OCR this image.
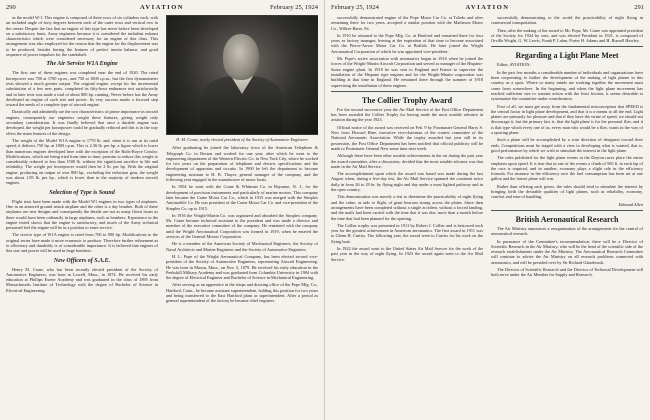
290	AVIATION	February 25, 1924

as the model W-1. This engine is composed of three rows of six cylinders each, with an included angle of forty degrees between each of the outer rows and vertical row in the center. Despite the fact that an engine of this type has never before been developed on a satisfactory basis, Army engineers because it is considered the turbulent exhaust characteristics which were considered necessary for an engine of this class. This arrangement was also employed for the reason that the engine for the displacement was to be produced, besides having the features of perfect inertia balance, and good sequence of power impulses for the crankshaft.

The Air Service W1A Engine

The first one of these engines was completed near the end of 1920. The rated horsepower was 700 at 1700 r.p.m., and 750 at 1800 r.p.m., but the first dynamometer tests showed a much greater output. The original engine, except for the incremental substitution of a few new parts, completed its fifty-hour endurance test satisfactorily and in later tests was made a trial of about 800 hp. running. Never before has the Army developed an engine of such size and power. Its very success marks a forward step toward the needs of a complete type of aircraft engine.

Drastically and admittedly are the two characteristics of prime importance in aircraft engines, consequently our engineers sought these features, giving weight only secondary consideration. It was finally believed that once a durable engine was developed, the weight per horsepower could be gradually reduced and this is in the way effect the main features of the design.

The weight of the Model W1A engine is 1770 lb. and, when it is run at its rated speed, it delivers 750 hp. at 1800 r.p.m. This is 2.36 lb. per hp. a figure which is lower than numerous engines developed here with the exception of the Rolls-Royce Condor. Modifications, which are being tried from time to time, promise to reduce this weight to considerably reduced to less than 1500 lb. without the significant sacrifice in life and reliability. The weight per horsepower would then be 2 lb. per hp. With the original engine, producing an output of over 800 hp., excluding the reduction gear, the weight was about 1.85 lb. per hp., which is lower than in the majority of modern aircraft engines.

Selection of Type is Sound

Flight tests have been made with the Model W1 engines in two types of airplanes. One in an armored ground attack airplane and the other is a day bomber. Both of these airplanes are new designs and consequently the details are not as many flown hours as there would have been ordinarily in large airplanes, such as bombers. Experience in the engine tested shows that the engine is satisfactory, and much of the Army technical personnel feel the engine will be in a position to enter service.

The service type of W1A engine is rated from 700 to 900 hp. Modifications to the original series have made it more economic to produce. Therefore further refinement as to efficiency and durability is of considerable importance. It is believed that engines of this size and power will be used in large bombers.

New Officers of S.A.E.

Henry M. Crane, who has been recently elected president of the Society of Automotive Engineers, was born in Lowell, Mass., in 1874. He received his early education at Phillips Exeter Academy and was graduated in the class of 1895 from Massachusetts Institute of Technology with the degree of Bachelor of Science in Electrical Engineering.

H. M. Crane, newly elected president of the Society of Automotive Engineers

After graduating he joined the laboratory force of the American Telephone & Telegraph Co. in Boston and worked for one year, after which he went to the engineering department of the Western Electric Co. in New York City, where he worked for two years on the preparation of telephone and electric specifications and the development of apparatus and circuits. In 1900 he left the department to become engineering assistant to H. B. Thayer, general manager of the company, and the following year engaged in the manufacture of motor boats.

In 1904 he went with the Crane & Whitman Co. in Bayonne, N. J., for the development of precision instruments and particularly of marine motors. This company later became the Crane Motor Car Co., which in 1915 was merged with the Simplex Automobile Co. He was president of the Crane Motor Car Co. and vice-president of the Simplex Co. up to 1915.

In 1916 the Wright-Martin Co. was organized and absorbed the Simplex company. Mr. Crane became technical assistant to the president and was made a director and member of the executive committee of the company. He remained with the company until the Wright Aeronautical Corporation was formed in 1919, when he entered the services of the General Motors Corporation.

He is a member of the American Society of Mechanical Engineers, the Society of Naval Architects and Marine Engineers and the Society of Automotive Engineers.

H. L. Pope of the Wright Aeronautical Company, has been elected second vice-president of the Society of Automotive Engineers, representing Aircraft Engineering. He was born in Mason, Mass., on Nov. 5, 1879. He received his early education in the Peekskill Military Academy and was graduated from Columbia University in 1904 with the degree of Electrical Engineer and Bachelor of Science in Mechanical Engineering.

After serving as an apprentice in the shops and drawing office of the Pope Mfg. Co., Hartford, Conn., he became assistant superintendent, holding this position for two years and being transferred to the East Hartford plant as superintendent. After a period as general superintendent of the factory he became chief engineer.

February 25, 1924	AVIATION	291

successfully demonstrated engine of the Pope Motor Car Co. at Toledo and after remaining there for two years, accepted a similar position with the Matheson Motor Co., Wilkes-Barre, Pa.

In 1910 he returned to the Pope Mfg. Co. at Hartford and remained there for four years as factory manager, leaving at the expiration of that time to become associated with the Pierce-Arrow Motor Car Co. at Buffalo. He later joined the Wright Aeronautical Corporation of which he was appointed vice-president.

Mr. Pope's active association with aeronautics began in 1916 when he joined the forces of the Wright-Martin Aircraft Corporation and served as manager of the Hispano-Suiza engine plant. In 1918 he was sent to England and France to supervise the installation of the Hispano type engines and for the Wright-Martin corporation was building at that time in England. He remained there through the summer of 1918 supervising the installation of these engines.

The Collier Trophy Award

For the second successive year the Air Mail Service of the Post Office Department has been awarded the Collier Trophy for having made the most notable advance in aviation during the year 1923.

Official notice of the award was received on Feb. 9 by Postmaster General Harry S. New from Howard Hine, executive vice-chairman of the contest committee of the National Aeronautic Association. While the trophy awarded last year still in its possession, the Post Office Department has been notified that official publicity will be made to Postmaster General New some time next week.

Although there have been other notable achievements in the air during the past year the award committee, after a discussion, decided that the most notable advance was that made in the Air Mail Service.

The accomplishment upon which the award was based was made during the last August when, during a five-day test, the Air Mail Service spanned the continent twice daily in from 26 to 29 hr. by flying night and day under a most lighted pathway and in the open country.

This demonstration was merely a test to determine the practicability of night flying and the value, as aids to flight, of giant beacons strung across the plains. Since then arrangements have been completed without a single accident, without a forced landing, and the mails had been carried with the time that it was due, more than a month before the time that had been planned for the opening.

The Collier trophy was presented in 1911 by Robert J. Collier and is bestowed each year for the greatest achievement in American aeronautics. The first award in 1911 was to Glenn H. Curtiss. The following year, the award went to Curtiss for his work on the flying boat.

In 1922 the award went to the United States Air Mail Service for the work of the past year in the way of night flying. In 1923 the award again went to the Air Mail Service.

successfully demonstrating to the world the practicability of night flying in commercial transportation.

Then, after the making of the award to Mr. Pope, Mr. Crane was appointed president of the Society for 1924 by vote, and was elected President in 1921, is composed of Orville Wright, G. W. Lewis, Frank P. Lahm, Porter H. Adams and H. Russell Hawley.

Regarding a Light Plane Meet

Editor, AVIATION:

In the past few months a considerable number of individuals and organizations have been cooperating to further the development of the making of light planes in this country as a sport. Where so many minds are working together the movement must come from somewhere. In the beginning, and when the light plane movement has reached sufficient size to warrant action with the least friction, it seems desirable to systematize the committee under consideration.

First of all, we must get away from the fundamental misconception that SPEED is the central factor in light plane development, and that it is a means to all the end. Light planes are primarily for pleasure and that if they have the virtue of speed, we should not discourage it, but the primary fact is, that the light plane is for the personal flier, and it is that type which every one of us, every man who would be a flier, wants in the way of a sporting plane.

Such a plane will be accomplished by a wise direction of designers toward their ends. Competitions must be staged with a view to developing what is wanted, that is, good performance by which we wish to stimulate the interest in the light plane.

The rules published for the light plane events in the Dayton races place the entire emphasis upon speed. It is true that in one of the events a climb of 500 ft. in each lap of the race is required, and in another, economy plays a slight role in the efficiency formula. For instance in the efficiency race the fuel consumption has been set at one gallon and the fastest plane will win.

Rather than offering such prizes, the rules should tend to stimulate the interest by bringing forth the desirable qualities of light planes, such as reliability, economy, comfort and ease of handling.

Edmund Allen
British Aeronautical Research

The Air Ministry announces a reorganization of the arrangements for the control of aeronautical research.

In pursuance of the Committee's recommendation, there will be a Director of Scientific Research in the Air Ministry, who will be the head of the scientific side of the research establishments under the Air Ministry. The Aeronautical Research Committee will continue to advise the Air Ministry on all research problems connected with aeronautics, and will be presided over by Sir Richard Glazebrook.

The Director of Scientific Research and the Director of Technical Development will both serve under the Air Member for Supply and Research.
